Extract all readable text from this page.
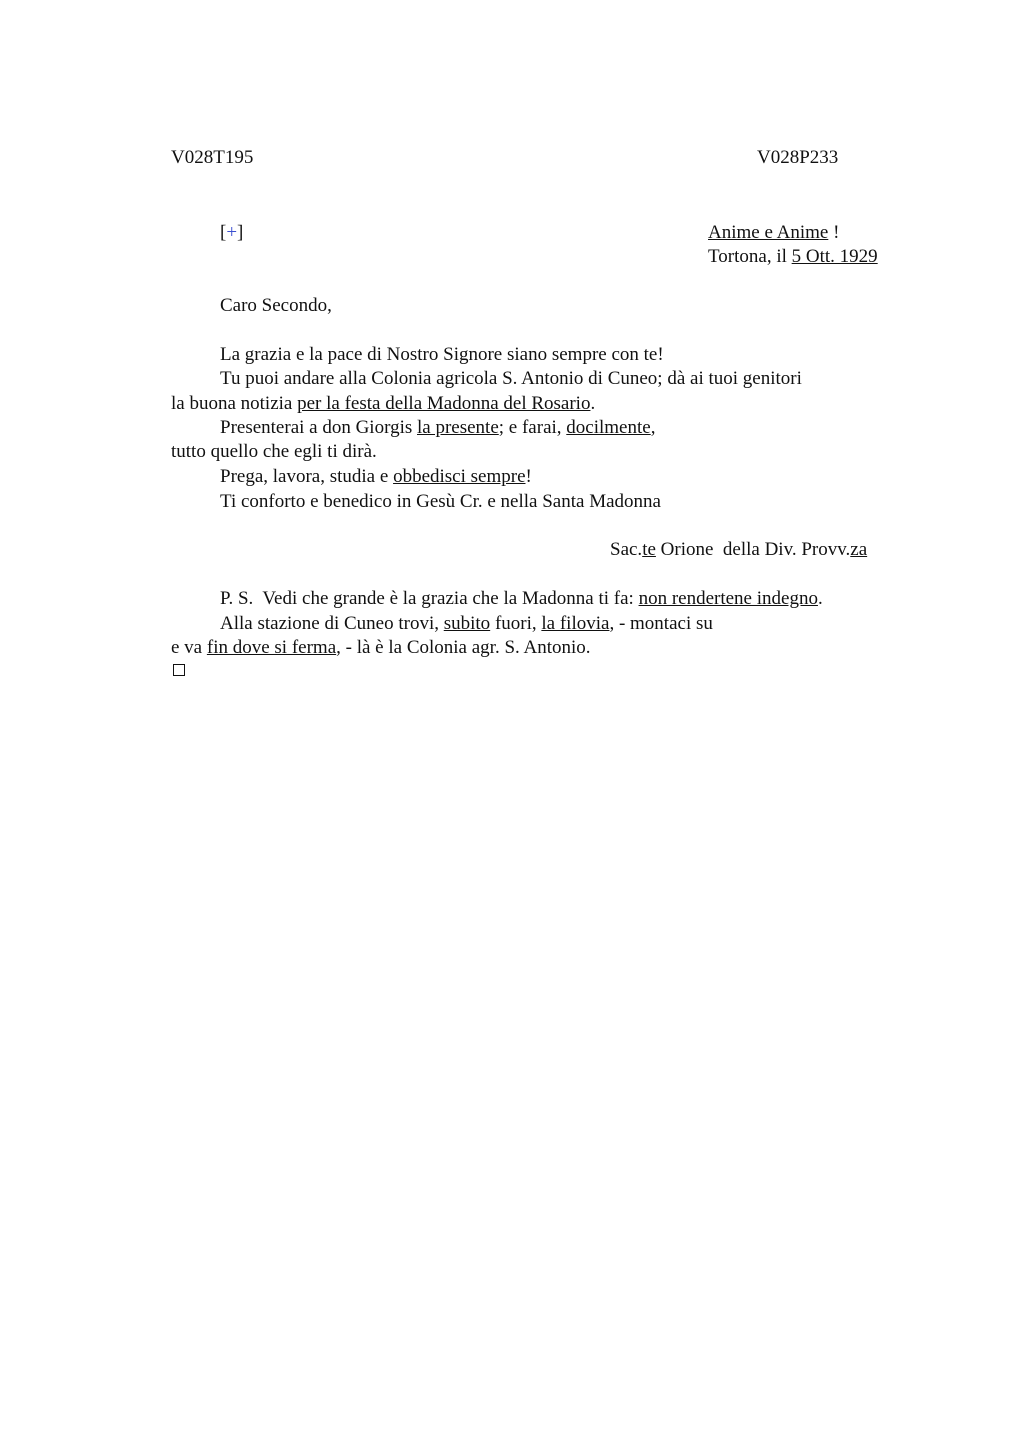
V028T195	V028P233
[+]	Anime e Anime !
Tortona, il 5 Ott. 1929
Caro Secondo,
La grazia e la pace di Nostro Signore siano sempre con te!
Tu puoi andare alla Colonia agricola S. Antonio di Cuneo; dà ai tuoi genitori
la buona notizia per la festa della Madonna del Rosario.
Presenterai a don Giorgis la presente; e farai, docilmente,
tutto quello che egli ti dirà.
Prega, lavora, studia e obbedisci sempre!
Ti conforto e benedico in Gesù Cr. e nella Santa Madonna
Sac.te Orione  della Div. Provv.za
P. S.  Vedi che grande è la grazia che la Madonna ti fa: non rendertene indegno.
Alla stazione di Cuneo trovi, subito fuori, la filovia, - montaci su
e va fin dove si ferma, - là è la Colonia agr. S. Antonio.
